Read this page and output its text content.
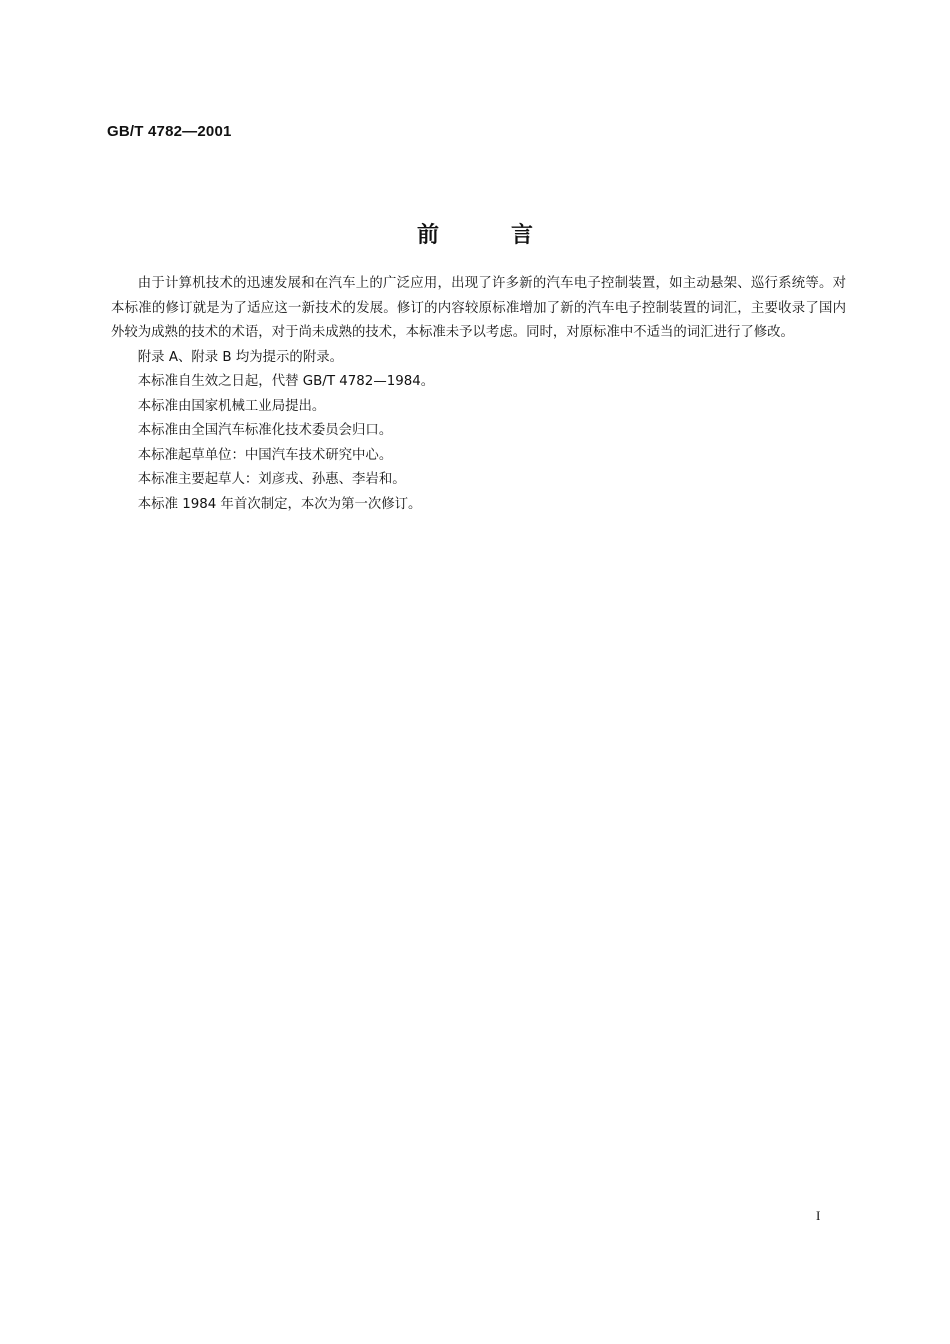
GB/T 4782—2001
前言

由于计算机技术的迅速发展和在汽车上的广泛应用，出现了许多新的汽车电子控制装置，如主动悬架、巡行系统等。对本标准的修订就是为了适应这一新技术的发展。修订的内容较原标准增加了新的汽车电子控制装置的词汇，主要收录了国内外较为成熟的技术的术语，对于尚未成熟的技术，本标准未予以考虑。同时，对原标准中不适当的词汇进行了修改。

附录 A、附录 B 均为提示的附录。

本标准自生效之日起，代替 GB/T 4782—1984。

本标准由国家机械工业局提出。

本标准由全国汽车标准化技术委员会归口。

本标准起草单位：中国汽车技术研究中心。

本标准主要起草人：刘彦戎、孙惠、李岩和。

本标准 1984 年首次制定，本次为第一次修订。

I
